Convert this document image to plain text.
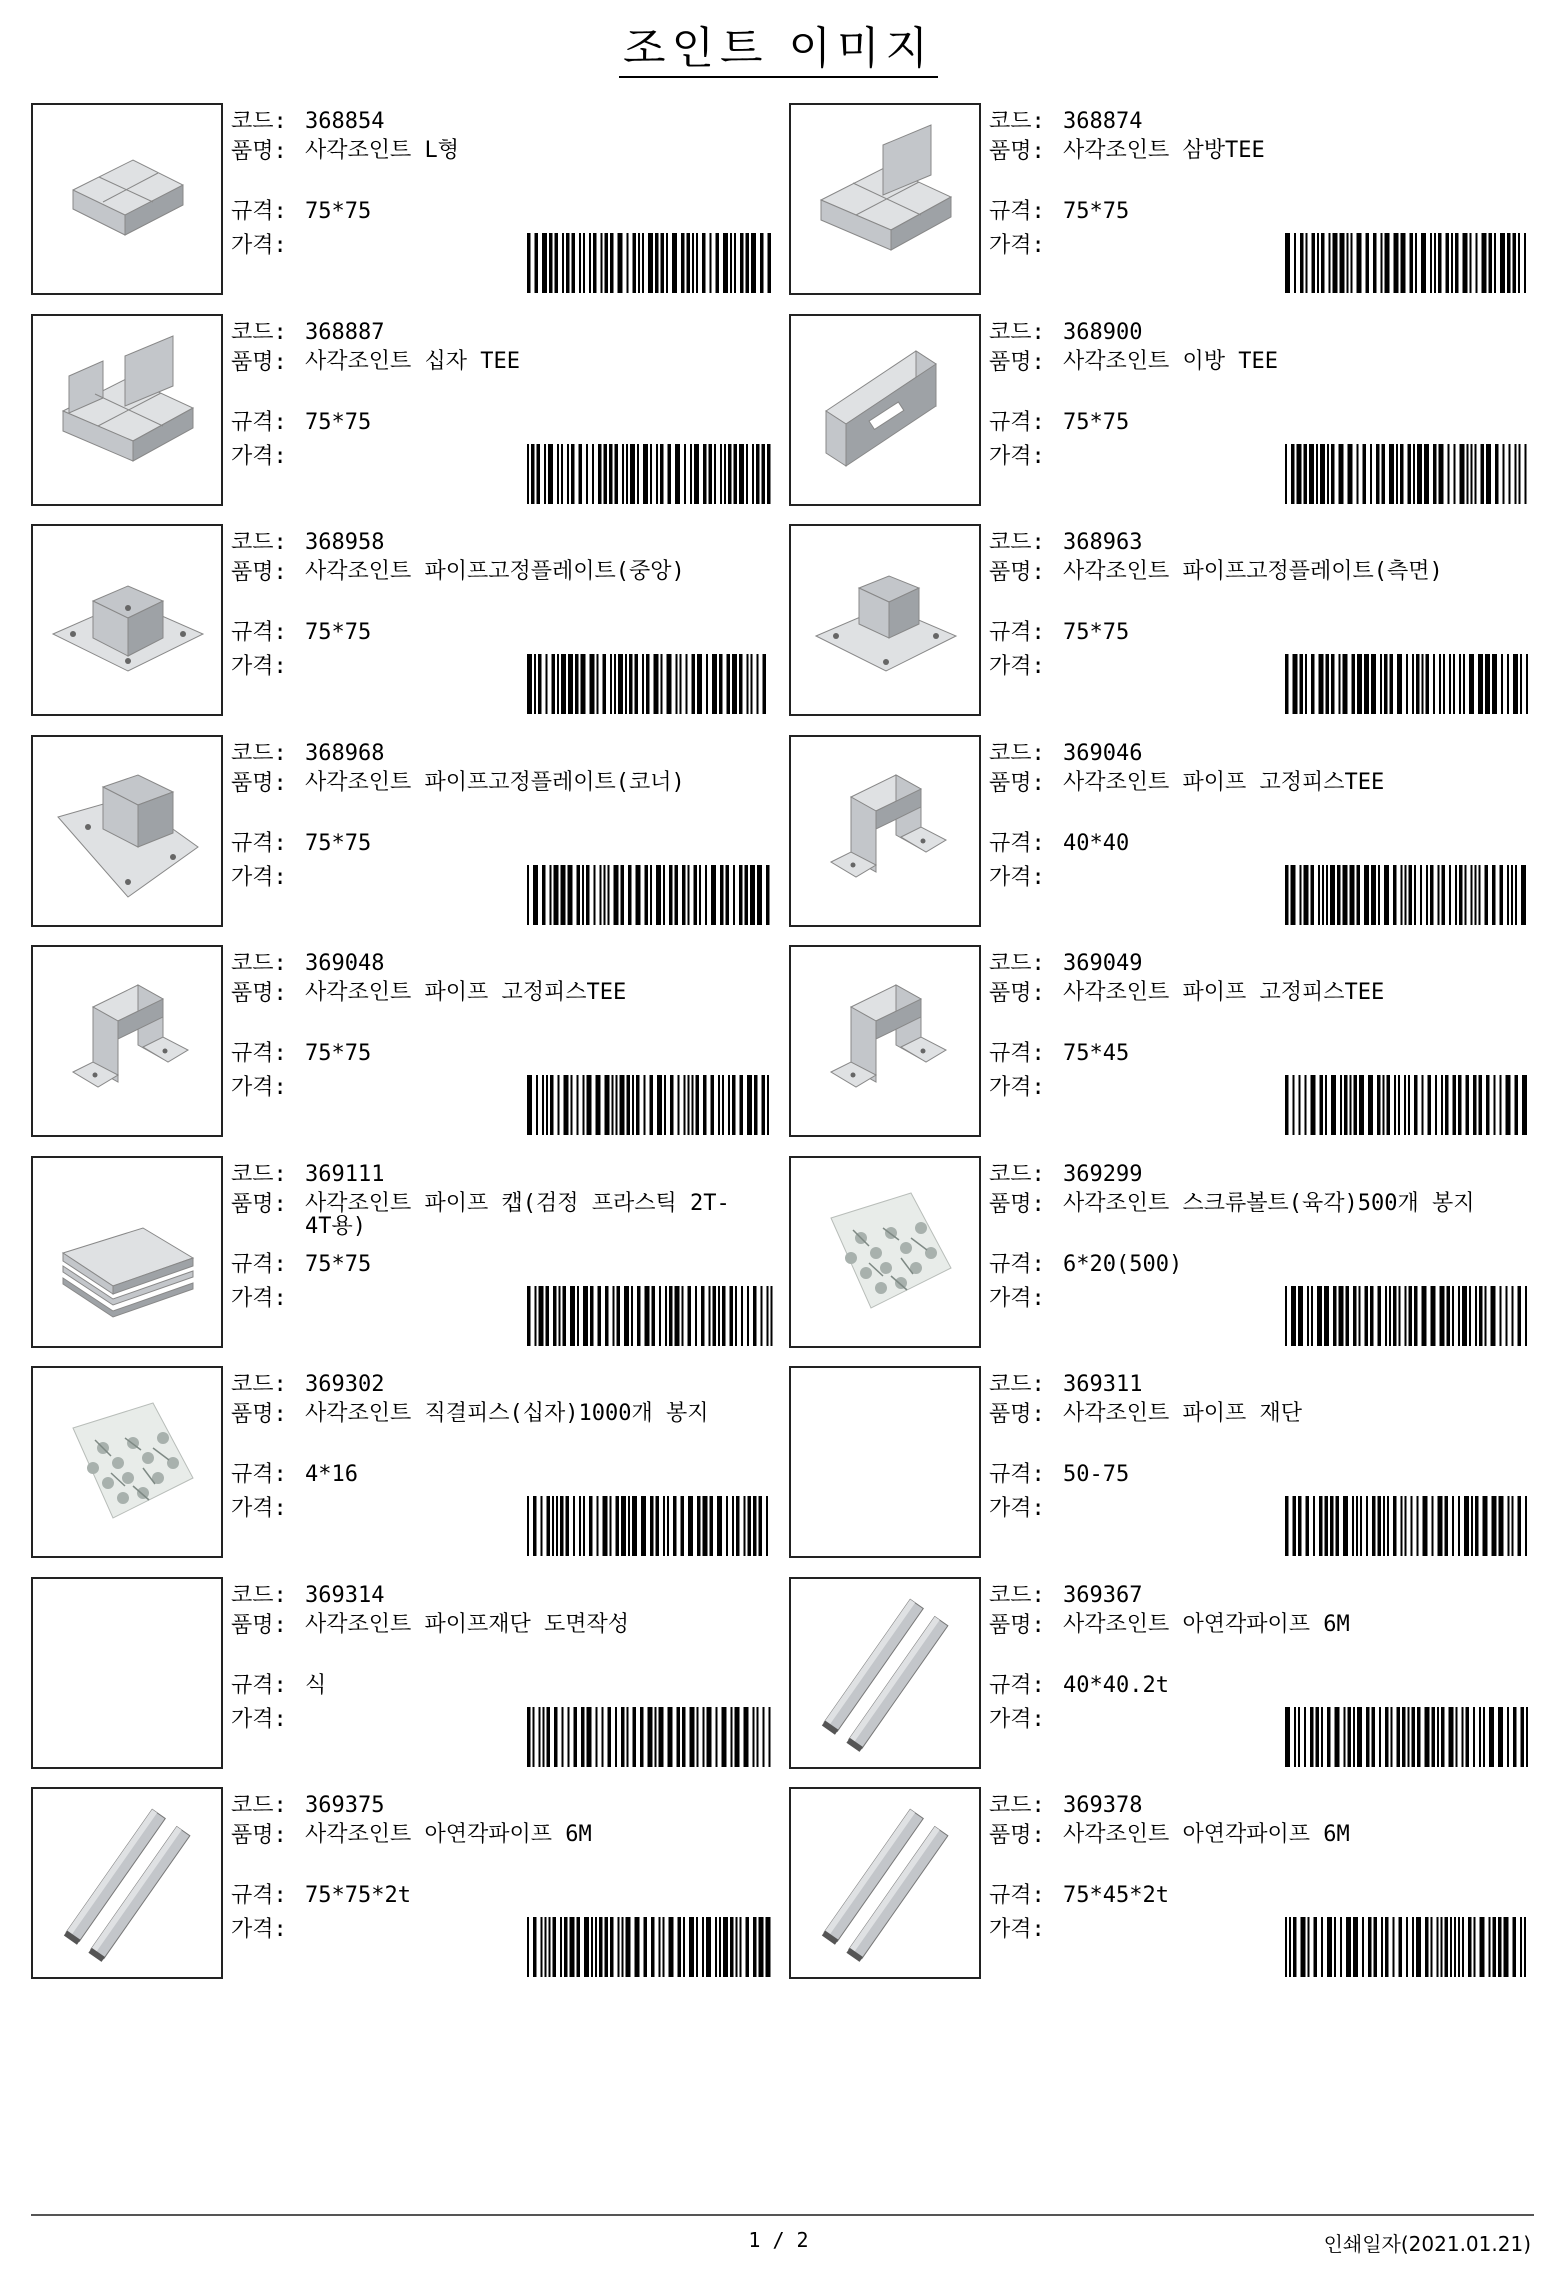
조인트 이미지
코드: 368854
품명: 사각조인트 L형
규격: 75*75
가격:
코드: 368874
품명: 사각조인트 삼방TEE
규격: 75*75
가격:
코드: 368887
품명: 사각조인트 십자 TEE
규격: 75*75
가격:
코드: 368900
품명: 사각조인트 이방 TEE
규격: 75*75
가격:
코드: 368958
품명: 사각조인트 파이프고정플레이트(중앙)
규격: 75*75
가격:
코드: 368963
품명: 사각조인트 파이프고정플레이트(측면)
규격: 75*75
가격:
코드: 368968
품명: 사각조인트 파이프고정플레이트(코너)
규격: 75*75
가격:
코드: 369046
품명: 사각조인트 파이프 고정피스TEE
규격: 40*40
가격:
코드: 369048
품명: 사각조인트 파이프 고정피스TEE
규격: 75*75
가격:
코드: 369049
품명: 사각조인트 파이프 고정피스TEE
규격: 75*45
가격:
코드: 369111
품명: 사각조인트 파이프 캡(검정 프라스틱 2T-4T용)
규격: 75*75
가격:
코드: 369299
품명: 사각조인트 스크류볼트(육각)500개 봉지
규격: 6*20(500)
가격:
코드: 369302
품명: 사각조인트 직결피스(십자)1000개 봉지
규격: 4*16
가격:
코드: 369311
품명: 사각조인트 파이프 재단
규격: 50-75
가격:
코드: 369314
품명: 사각조인트 파이프재단 도면작성
규격: 식
가격:
코드: 369367
품명: 사각조인트 아연각파이프 6M
규격: 40*40.2t
가격:
코드: 369375
품명: 사각조인트 아연각파이프 6M
규격: 75*75*2t
가격:
코드: 369378
품명: 사각조인트 아연각파이프 6M
규격: 75*45*2t
가격:
1 / 2	인쇄일자(2021.01.21)
